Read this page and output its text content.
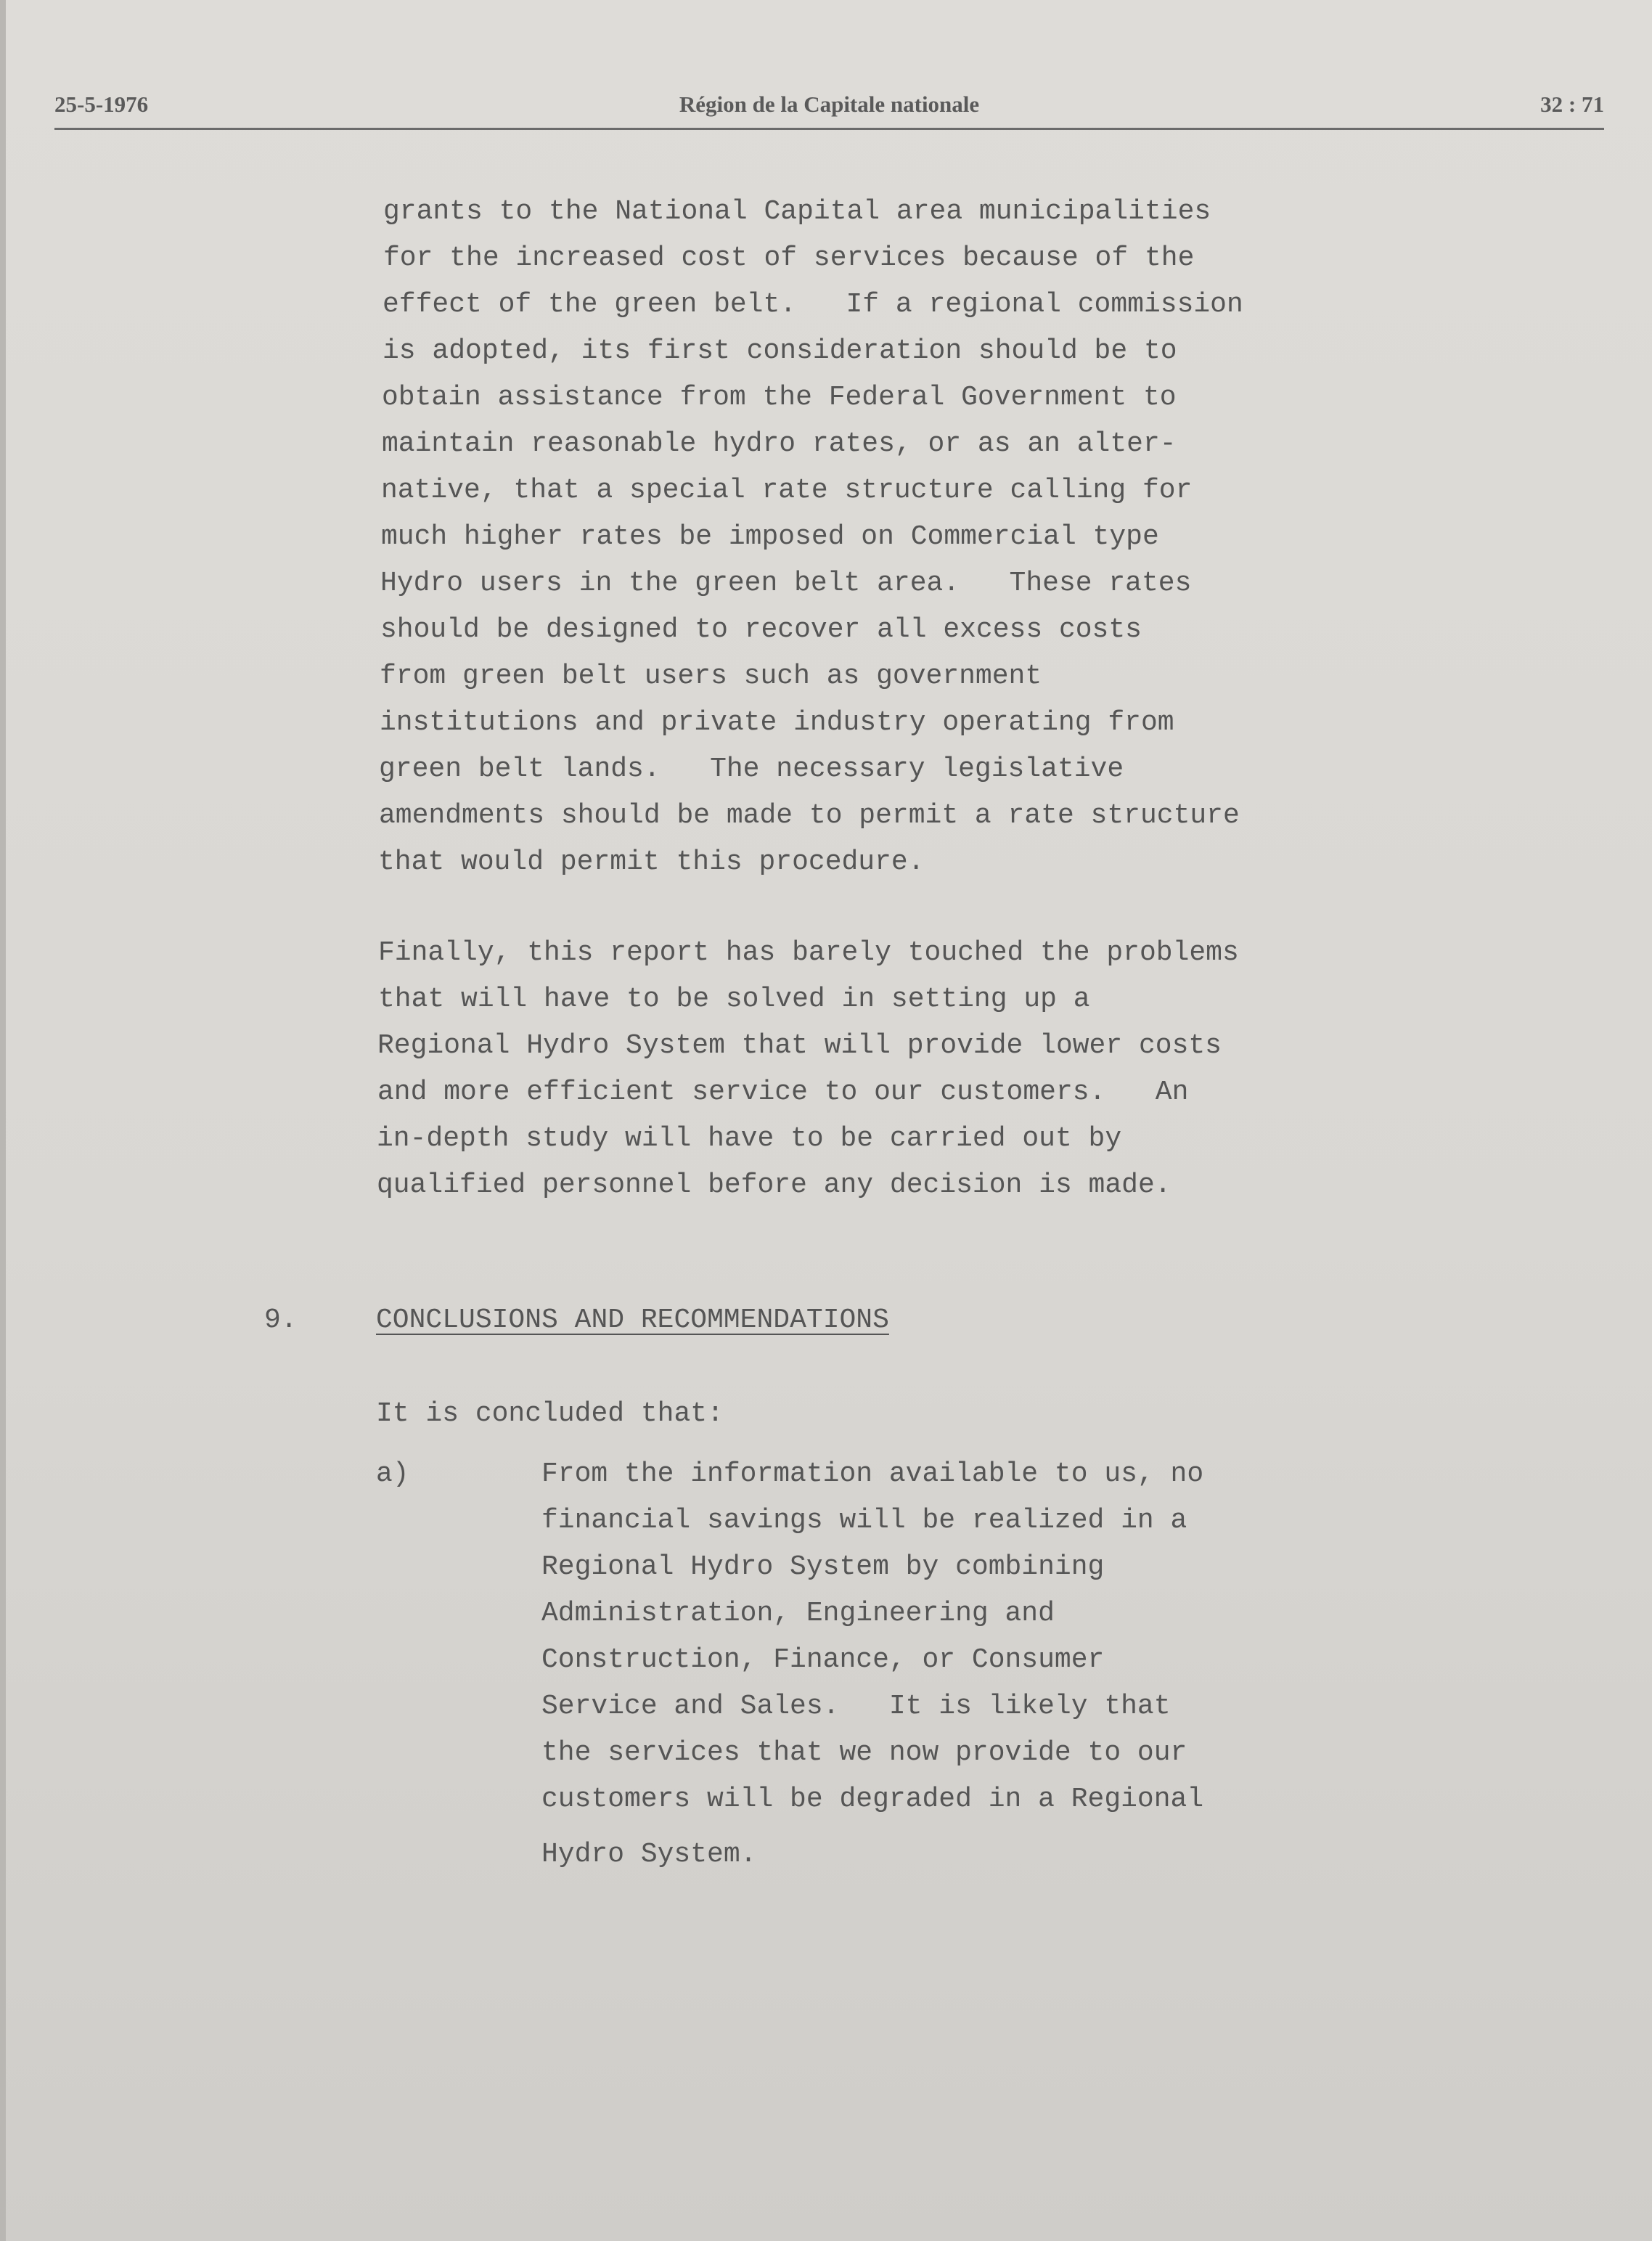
25-5-1976	Région de la Capitale nationale	32 : 71

grants to the National Capital area municipalities

for the increased cost of services because of the

effect of the green belt.   If a regional commission

is adopted, its first consideration should be to

obtain assistance from the Federal Government to

maintain reasonable hydro rates, or as an alter-

native, that a special rate structure calling for

much higher rates be imposed on Commercial type

Hydro users in the green belt area.   These rates

should be designed to recover all excess costs

from green belt users such as government

institutions and private industry operating from

green belt lands.   The necessary legislative

amendments should be made to permit a rate structure

that would permit this procedure.

Finally, this report has barely touched the problems

that will have to be solved in setting up a

Regional Hydro System that will provide lower costs

and more efficient service to our customers.   An

in-depth study will have to be carried out by

qualified personnel before any decision is made.

9.

	CONCLUSIONS AND RECOMMENDATIONS

It is concluded that:

a)

	From the information available to us, no

financial savings will be realized in a

Regional Hydro System by combining

Administration, Engineering and

Construction, Finance, or Consumer

Service and Sales.   It is likely that

the services that we now provide to our

customers will be degraded in a Regional

Hydro System.
